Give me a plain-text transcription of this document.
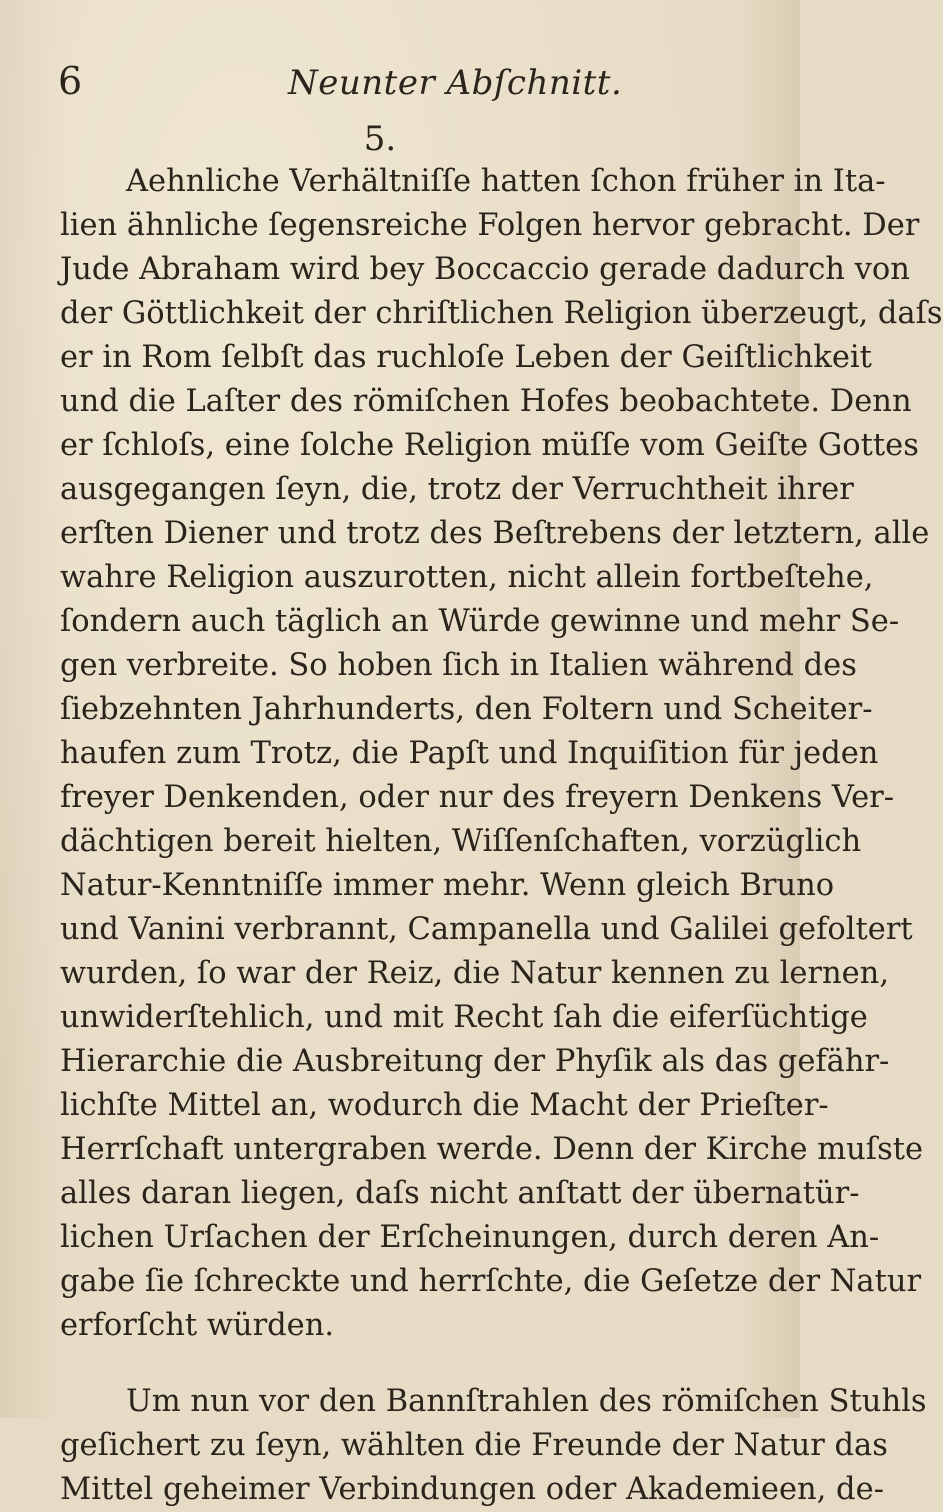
6	Neunter Abſchnitt.
5.
Aehnliche Verhältniſſe hatten ſchon früher in Ita-
lien ähnliche ſegensreiche Folgen hervor gebracht. Der
Jude Abraham wird bey Boccaccio gerade dadurch von
der Göttlichkeit der chriſtlichen Religion überzeugt, daſs
er in Rom ſelbſt das ruchloſe Leben der Geiſtlichkeit
und die Laſter des römiſchen Hofes beobachtete. Denn
er ſchloſs, eine ſolche Religion müſſe vom Geiſte Gottes
ausgegangen ſeyn, die, trotz der Verruchtheit ihrer
erſten Diener und trotz des Beſtrebens der letztern, alle
wahre Religion auszurotten, nicht allein fortbeſtehe,
ſondern auch täglich an Würde gewinne und mehr Se-
gen verbreite. So hoben ſich in Italien während des
ſiebzehnten Jahrhunderts, den Foltern und Scheiter-
haufen zum Trotz, die Papſt und Inquiſition für jeden
freyer Denkenden, oder nur des freyern Denkens Ver-
dächtigen bereit hielten, Wiſſenſchaften, vorzüglich
Natur-Kenntniſſe immer mehr. Wenn gleich Bruno
und Vanini verbrannt, Campanella und Galilei gefoltert
wurden, ſo war der Reiz, die Natur kennen zu lernen,
unwiderſtehlich, und mit Recht ſah die eiferſüchtige
Hierarchie die Ausbreitung der Phyſik als das gefähr-
lichſte Mittel an, wodurch die Macht der Prieſter-
Herrſchaft untergraben werde. Denn der Kirche muſste
alles daran liegen, daſs nicht anſtatt der übernatür-
lichen Urſachen der Erſcheinungen, durch deren An-
gabe ſie ſchreckte und herrſchte, die Geſetze der Natur
erforſcht würden.
Um nun vor den Bannſtrahlen des römiſchen Stuhls
geſichert zu ſeyn, wählten die Freunde der Natur das
Mittel geheimer Verbindungen oder Akademieen, de-
